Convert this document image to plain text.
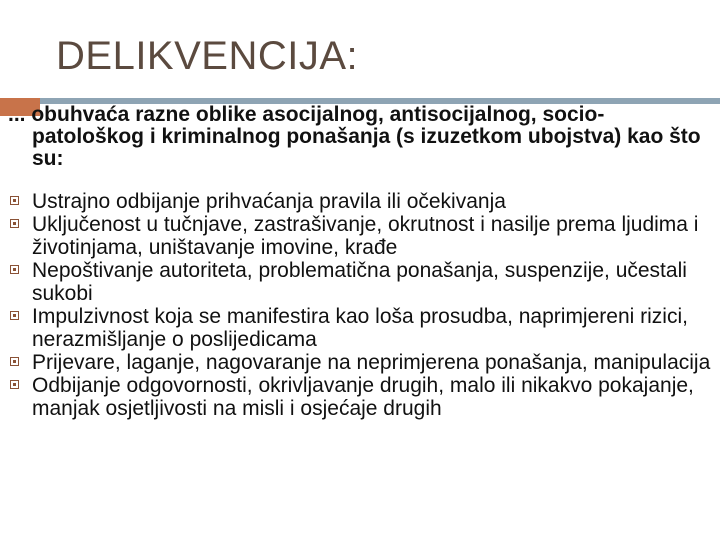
DELIKVENCIJA:
... obuhvaća razne oblike asocijalnog, antisocijalnog, socio-patološkog i kriminalnog ponašanja (s izuzetkom ubojstva) kao što su:
Ustrajno odbijanje prihvaćanja pravila ili očekivanja
Uključenost u tučnjave, zastrašivanje, okrutnost i nasilje prema ljudima i životinjama, uništavanje imovine, krađe
Nepoštivanje autoriteta, problematična ponašanja, suspenzije, učestali sukobi
Impulzivnost koja se manifestira kao loša prosudba, naprimjereni rizici, nerazmišljanje o poslijedicama
Prijevare, laganje, nagovaranje na neprimjerena ponašanja, manipulacija
Odbijanje odgovornosti, okrivljavanje drugih, malo ili nikakvo pokajanje, manjak osjetljivosti na misli i osjećaje drugih
